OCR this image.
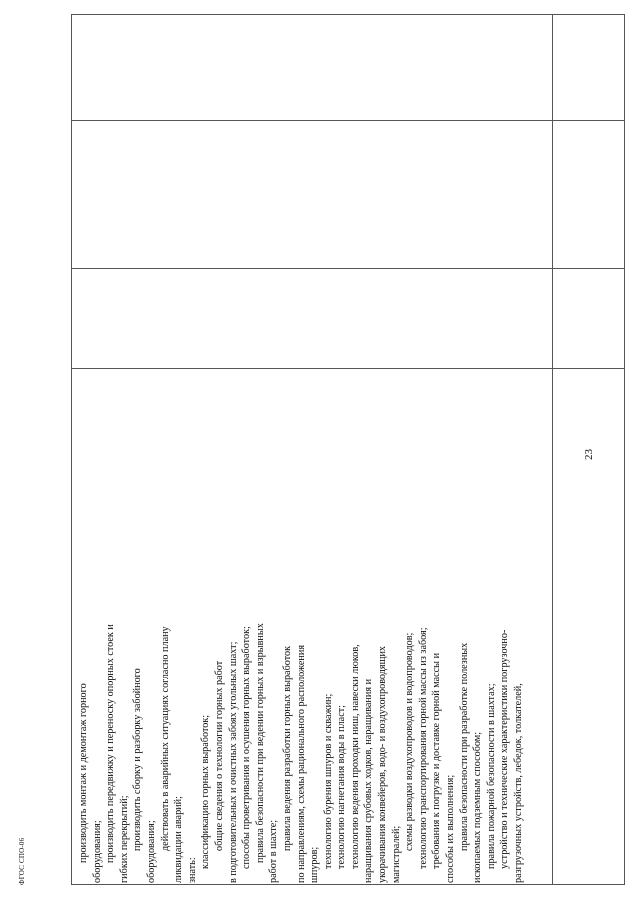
производить монтаж и демонтаж горного оборудования; производить передвижку и переноску опорных стоек и гибких перекрытий; производить сборку и разборку забойного
оборудования;
действовать в аварийных ситуациях согласно плану ликвидации аварий; знать:
классификацию горных выработок; общие сведения о технологии горных работ в подготовительных и очистных забоях угольных шахт; способы проветривания и осушения горных выработок; правила безопасности при ведении горных и взрывных работ в шахте;
правила ведения разработки горных выработок по направлениям, схемы рационального расположения шпуров; технологию бурения шпуров и скважин; технологию нагнетания воды в пласт; технологию ведения проходки ниш, навески люков, наращивания срубовых ходков, наращивания и укорачивания конвейеров, водо- и воздухопроводящих магистралей;
схемы разводки воздухопроводов и водопроводов; технологию транспортирования горной массы из забоя; требования к погрузке и доставке горной массы и способы их выполнения; правила безопасности при разработке полезных ископаемых подземным способом; правила пожарной безопасности в шахтах; устройство и технические характеристики погрузочно- разгрузочных устройств, лебедок, толкателей,
23
ФГОС СПО-06
